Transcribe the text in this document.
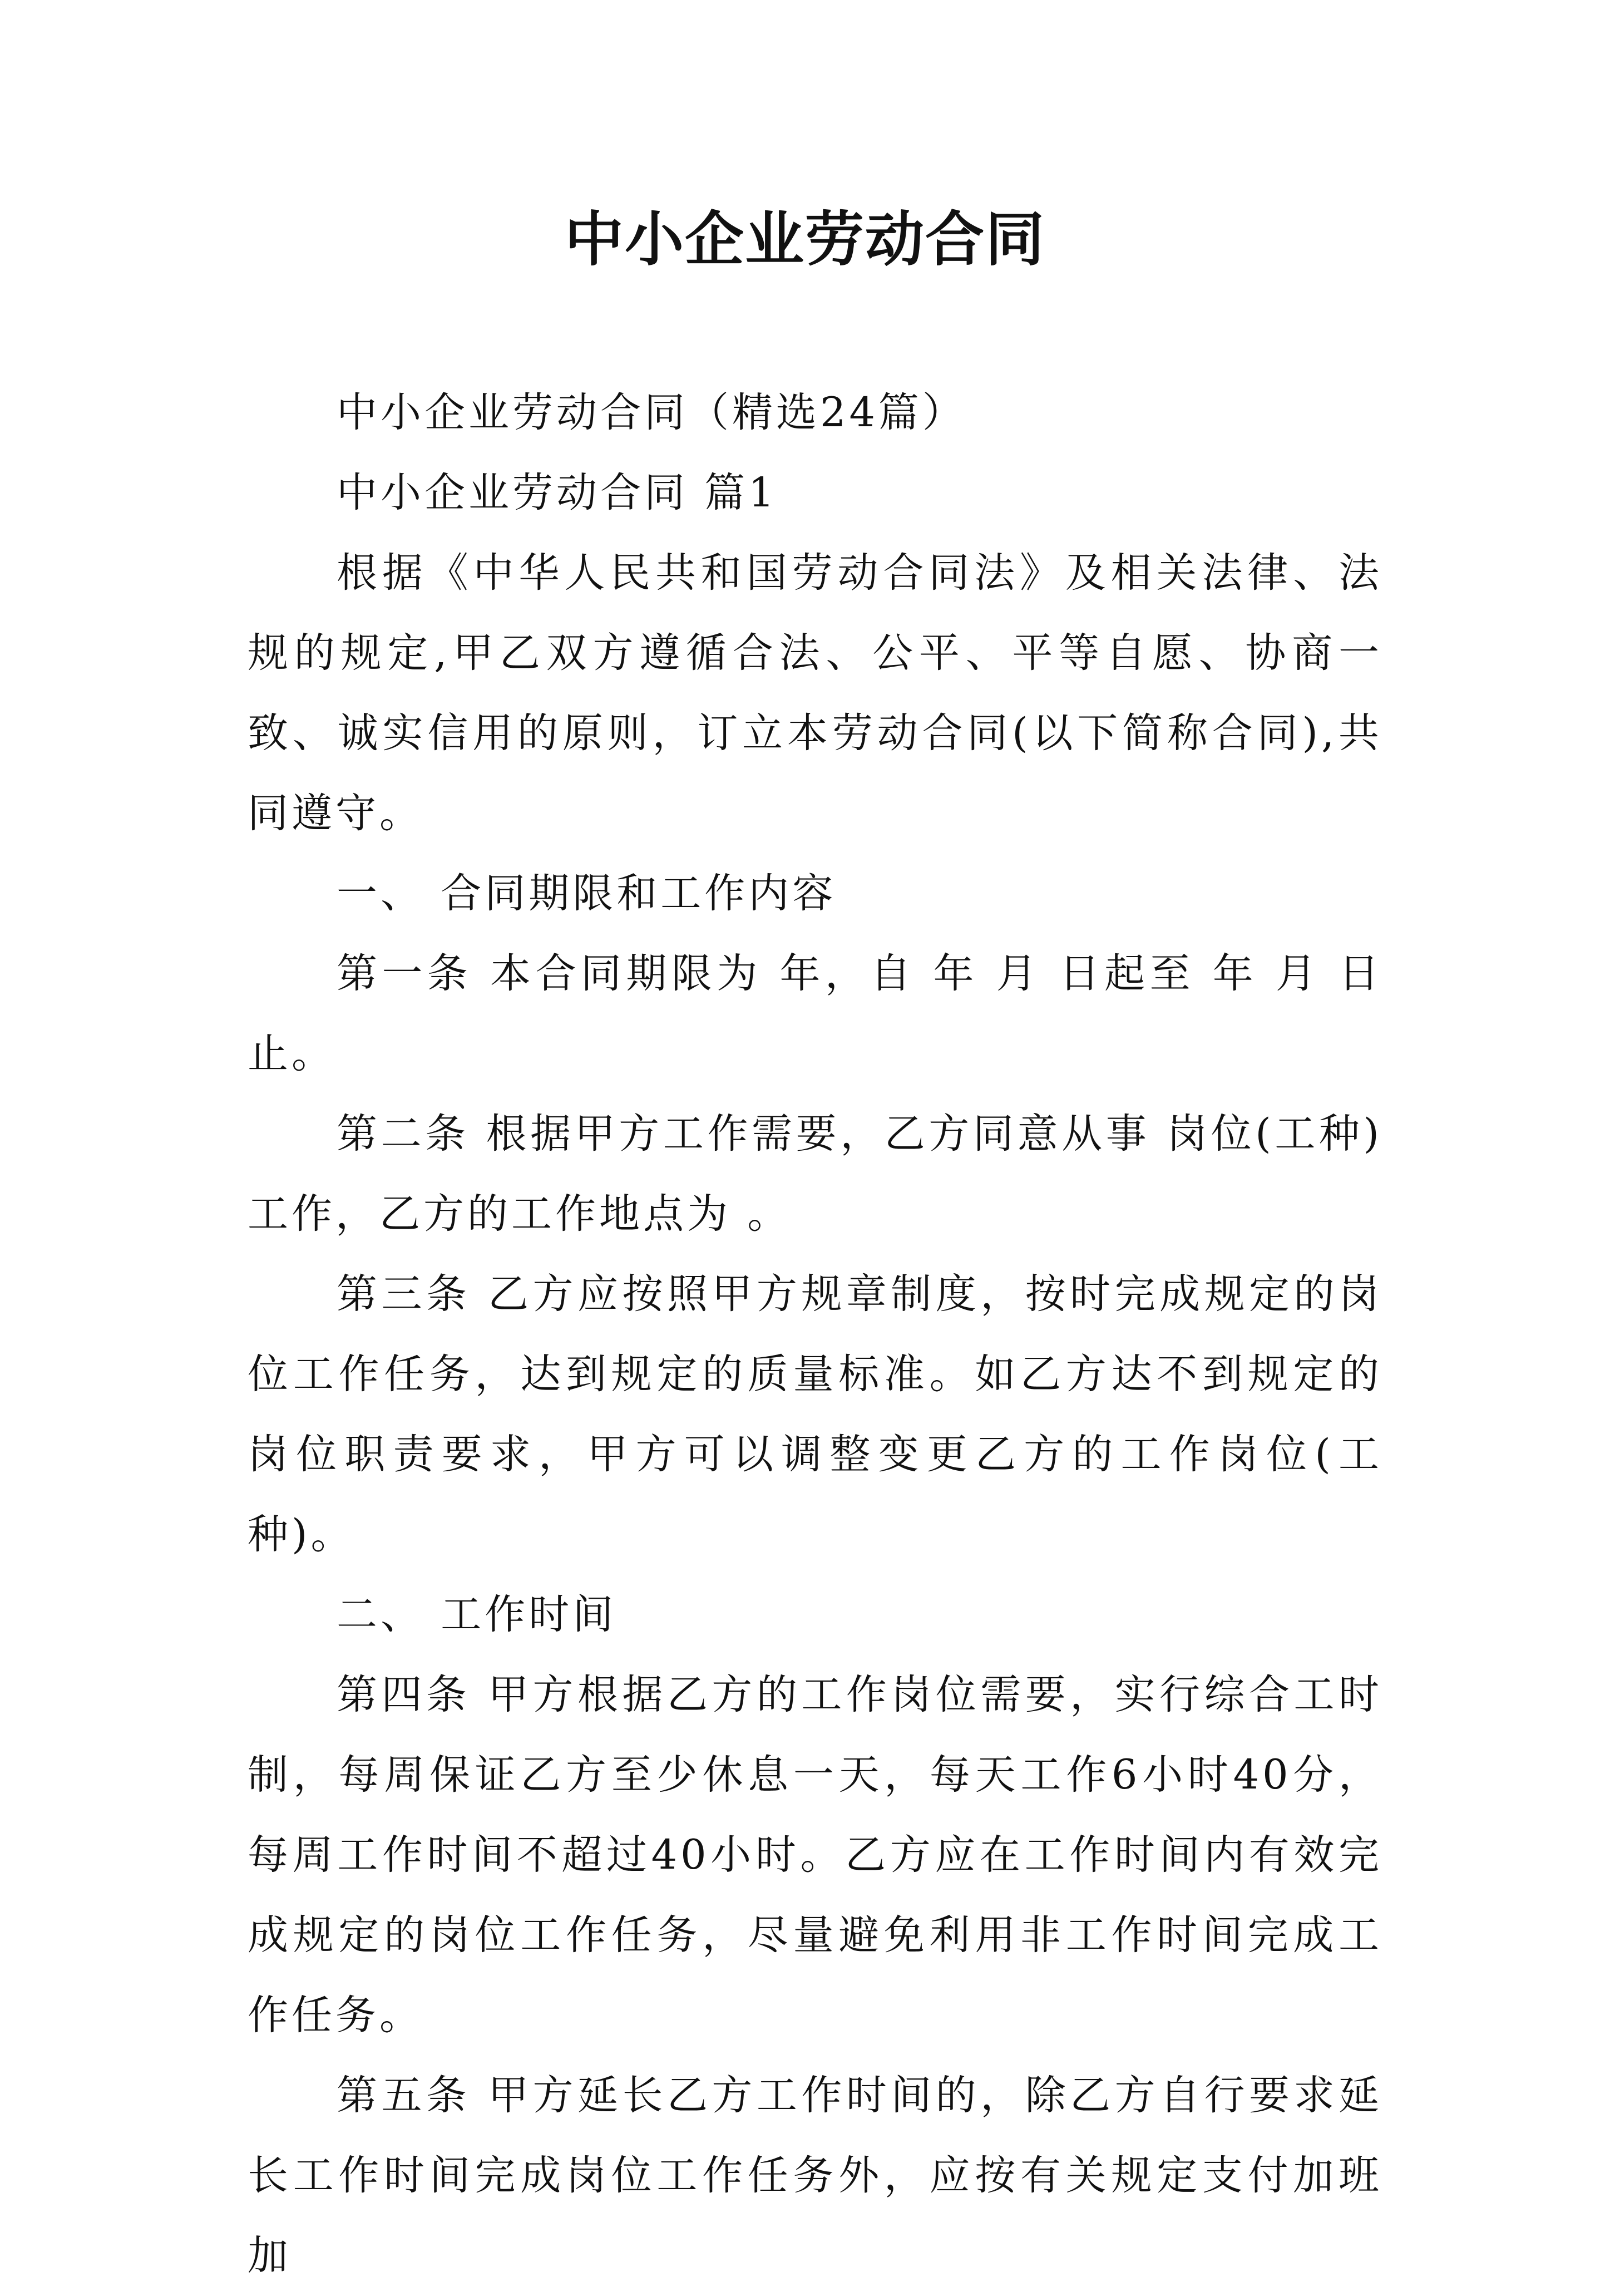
中小企业劳动合同

中小企业劳动合同（精选24篇）

中小企业劳动合同 篇1

根据《中华人民共和国劳动合同法》及相关法律、法规的规定,甲乙双方遵循合法、公平、平等自愿、协商一致、诚实信用的原则，订立本劳动合同(以下简称合同),共同遵守。

一、 合同期限和工作内容

第一条 本合同期限为 年，自 年 月 日起至 年 月 日止。

第二条 根据甲方工作需要，乙方同意从事 岗位(工种)工作，乙方的工作地点为 。

第三条 乙方应按照甲方规章制度，按时完成规定的岗位工作任务，达到规定的质量标准。如乙方达不到规定的岗位职责要求，甲方可以调整变更乙方的工作岗位(工种)。

二、 工作时间

第四条 甲方根据乙方的工作岗位需要，实行综合工时制，每周保证乙方至少休息一天，每天工作6小时40分，每周工作时间不超过40小时。乙方应在工作时间内有效完成规定的岗位工作任务，尽量避免利用非工作时间完成工作任务。

第五条 甲方延长乙方工作时间的，除乙方自行要求延长工作时间完成岗位工作任务外，应按有关规定支付加班加
